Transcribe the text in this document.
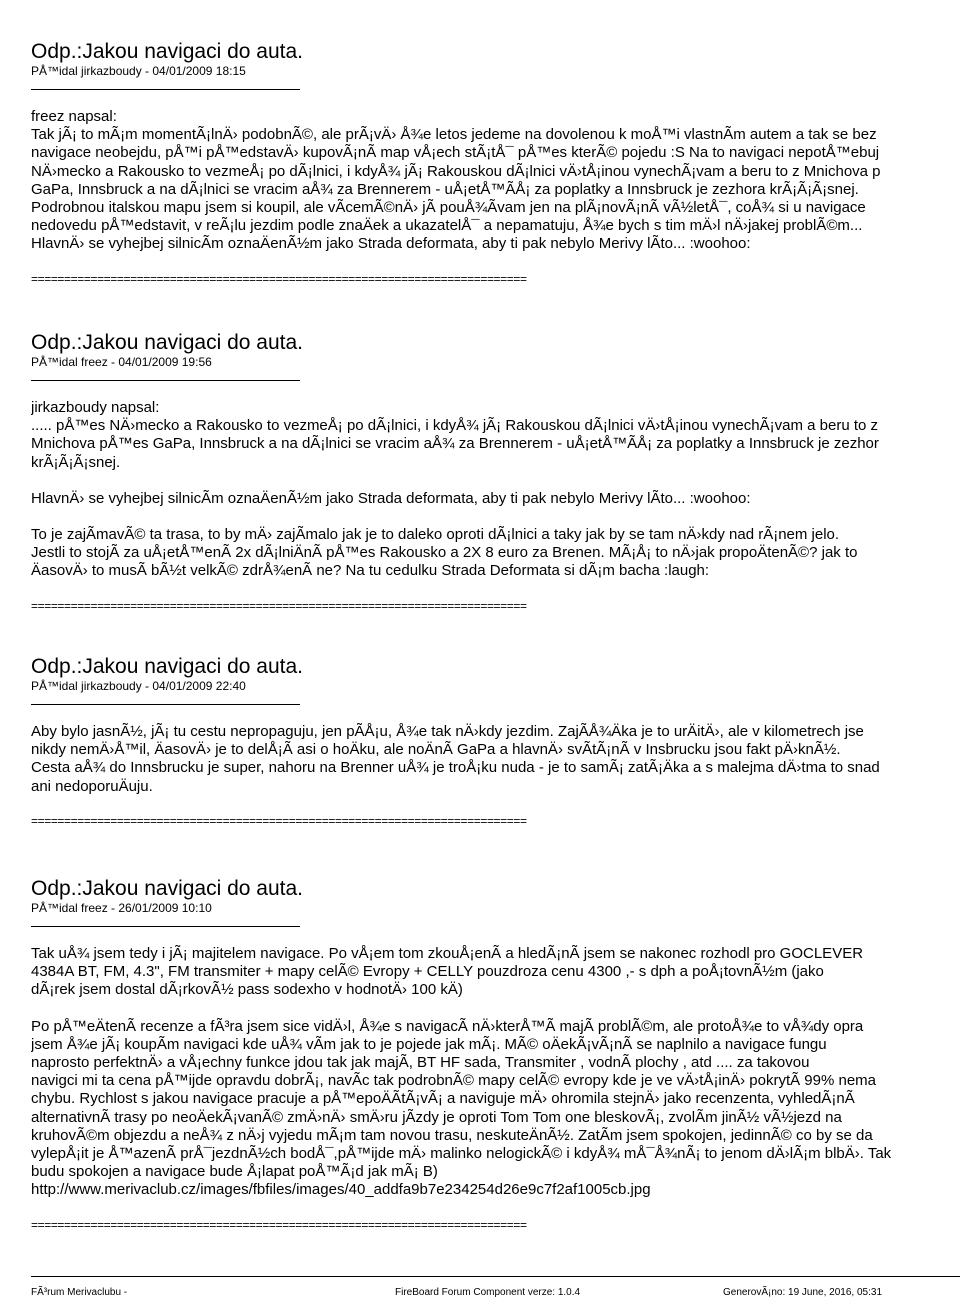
Odp.:Jakou navigaci do auta.
PÅ™idal jirkazboudy - 04/01/2009 18:15
freez napsal:
Tak jÃ¡ to mÃ¡m momentÃ¡lnÄ› podobnÃ©, ale prÃ¡vÄ› Å¾e letos jedeme na dovolenou k moÅ™i vlastnÃm autem a tak se bez
navigace neobejdu, pÅ™i pÅ™edstavÄ› kupovÃ¡nÃ map vÅ¡ech stÃ¡tÅ¯ pÅ™es kterÃ© pojedu :S Na to navigaci nepotÅ™ebuj
NÄ›mecko a Rakousko to vezmeÅ¡ po dÃ¡lnici, i kdyÅ¾ jÃ¡ Rakouskou dÃ¡lnici vÄ›tÅ¡inou vynechÃ¡vam a beru to z Mnichova p
GaPa, Innsbruck a na dÃ¡lnici se vracim aÅ¾ za Brennerem - uÅ¡etÅ™ÃÅ¡ za poplatky a Innsbruck je zezhora krÃ¡Ã¡Ã¡snej.
Podrobnou italskou mapu jsem si koupil, ale vÃcemÃ©nÄ› jÃ pouÅ¾Ãvam jen na plÃ¡novÃ¡nÃ vÃ½letÅ¯, coÅ¾ si u navigace
nedovedu pÅ™edstavit, v reÃ¡lu jezdim podle znaÄek a ukazatelÅ¯ a nepamatuju, Å¾e bych s tim mÄ›l nÄ›jakej problÃ©m...
HlavnÄ› se vyhejbej silnicÃm oznaÄenÃ½m jako Strada deformata, aby ti pak nebylo Merivy lÃto... :woohoo:
===========================================================================
Odp.:Jakou navigaci do auta.
PÅ™idal freez - 04/01/2009 19:56
jirkazboudy napsal:
..... pÅ™es NÄ›mecko a Rakousko to vezmeÅ¡ po dÃ¡lnici, i kdyÅ¾ jÃ¡ Rakouskou dÃ¡lnici vÄ›tÅ¡inou vynechÃ¡vam a beru to z
Mnichova pÅ™es GaPa, Innsbruck a na dÃ¡lnici se vracim aÅ¾ za Brennerem - uÅ¡etÅ™ÃÅ¡ za poplatky a Innsbruck je zezhor
krÃ¡Ã¡Ã¡snej.
HlavnÄ› se vyhejbej silnicÃm oznaÄenÃ½m jako Strada deformata, aby ti pak nebylo Merivy lÃto... :woohoo:
To je zajÃmavÃ© ta trasa, to by mÄ› zajÃmalo jak je to daleko oproti dÃ¡lnici a taky jak by se tam nÄ›kdy nad rÃ¡nem jelo.
Jestli to stojÃ za uÅ¡etÅ™enÃ 2x dÃ¡lniÄnÃ pÅ™es Rakousko a 2X 8 euro za Brenen. MÃ¡Å¡ to nÄ›jak propoÄtenÃ©? jak to
ÄasovÄ› to musÃ bÃ½t velkÃ© zdrÅ¾enÃ ne? Na tu cedulku Strada Deformata si dÃ¡m bacha :laugh:
===========================================================================
Odp.:Jakou navigaci do auta.
PÅ™idal jirkazboudy - 04/01/2009 22:40
Aby bylo jasnÃ½, jÃ¡ tu cestu nepropaguju, jen pÃÅ¡u, Å¾e tak nÄ›kdy jezdim. ZajÃÅ¾Äka je to urÄitÄ›, ale v kilometrech jse
nikdy nemÄ›Å™il, ÄasovÄ› je to delÅ¡Ã asi o hoÄku, ale noÄnÃ GaPa a hlavnÄ› svÃtÃ¡nÃ v Insbrucku jsou fakt pÄ›knÃ½.
Cesta aÅ¾ do Innsbrucku je super, nahoru na Brenner uÅ¾ je troÅ¡ku nuda - je to samÃ¡ zatÃ¡Äka a s malejma dÄ›tma to snad
ani nedoporuÄuju.
===========================================================================
Odp.:Jakou navigaci do auta.
PÅ™idal freez - 26/01/2009 10:10
Tak uÅ¾ jsem tedy i jÃ¡ majitelem navigace. Po vÅ¡em tom zkouÅ¡enÃ a hledÃ¡nÃ jsem se nakonec rozhodl pro GOCLEVER
4384A BT, FM, 4.3", FM transmiter + mapy celÃ© Evropy + CELLY pouzdroza cenu 4300 ,- s dph a poÅ¡tovnÃ½m (jako
dÃ¡rek jsem dostal dÃ¡rkovÃ½ pass sodexho v hodnotÄ› 100 kÄ)
Po pÅ™eÄtenÃ recenze a fÃ³ra jsem sice vidÄ›l, Å¾e s navigacÃ nÄ›kterÅ™Ã majÃ problÃ©m, ale protoÅ¾e to vÅ¾dy opra
jsem Å¾e jÃ¡ koupÃm navigaci kde uÅ¾ vÃm jak to je pojede jak mÃ¡. MÃ© oÄekÃ¡vÃ¡nÃ se naplnilo a navigace fungu
naprosto perfektnÄ› a vÅ¡echny funkce jdou tak jak majÃ, BT HF sada, Transmiter , vodnÃ plochy , atd .... za takovou
navigci mi ta cena pÅ™ijde opravdu dobrÃ¡, navÃc tak podrobnÃ© mapy celÃ© evropy kde je ve vÄ›tÅ¡inÄ› pokrytÃ 99% nema
chybu. Rychlost s jakou navigace pracuje a pÅ™epoÄÃtÃ¡vÃ¡ a naviguje mÄ› ohromila stejnÄ› jako recenzenta, vyhledÃ¡nÃ
alternativnÃ trasy po neoÄekÃ¡vanÃ© zmÄ›nÄ› smÄ›ru jÃzdy je oproti Tom Tom one bleskovÃ¡, zvolÃm jinÃ½ vÃ½jezd na
kruhovÃ©m objezdu a neÅ¾ z nÄ›j vyjedu mÃ¡m tam novou trasu, neskuteÄnÃ½. ZatÃm jsem spokojen, jedinnÃ© co by se da
vylepÅ¡it je Å™azenÃ prÅ¯jezdnÃ½ch bodÅ¯,pÅ™ijde mÄ› malinko nelogickÃ© i kdyÅ¾ mÅ¯Å¾nÃ¡ to jenom dÄ›lÃ¡m blbÄ›. Tak
budu spokojen a navigace bude Å¡lapat poÅ™Ã¡d jak mÃ¡ B)
http://www.merivaclub.cz/images/fbfiles/images/40_addfa9b7e234254d26e9c7f2af1005cb.jpg
===========================================================================
FÃ³rum Merivaclubu -	FireBoard Forum Component verze: 1.0.4	GenerovÃ¡no: 19 June, 2016, 05:31
